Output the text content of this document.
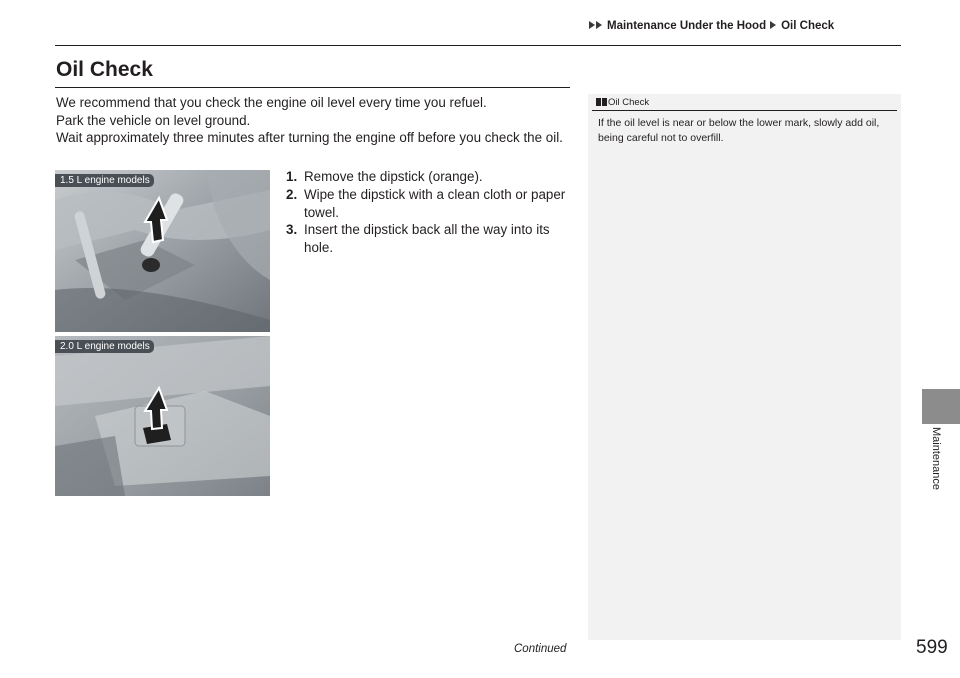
Maintenance Under the Hood Oil Check
Oil Check

We recommend that you check the engine oil level every time you refuel.

Park the vehicle on level ground.

Wait approximately three minutes after turning the engine off before you check the oil.

1. Remove the dipstick (orange).
2. Wipe the dipstick with a clean cloth or paper towel.
3. Insert the dipstick back all the way into its hole.
1.5 L engine models
2.0 L engine models
Oil Check

If the oil level is near or below the lower mark, slowly add oil, being careful not to overfill.

Maintenance
Continued	599
